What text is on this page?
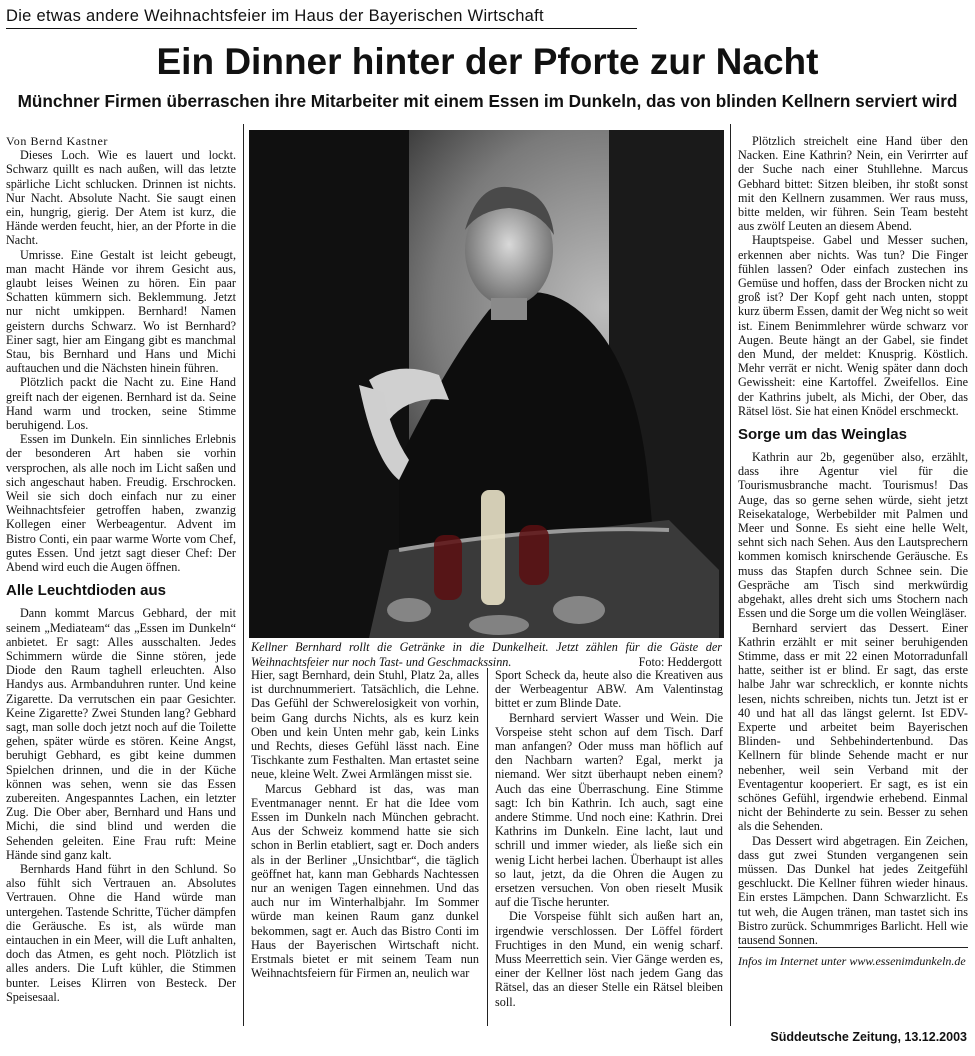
Die etwas andere Weihnachtsfeier im Haus der Bayerischen Wirtschaft
Ein Dinner hinter der Pforte zur Nacht
Münchner Firmen überraschen ihre Mitarbeiter mit einem Essen im Dunkeln, das von blinden Kellnern serviert wird

Von Bernd Kastner

Dieses Loch. Wie es lauert und lockt. Schwarz quillt es nach außen, will das letzte spärliche Licht schlucken. Drinnen ist nichts. Nur Nacht. Absolute Nacht. Sie saugt einen ein, hungrig, gierig. Der Atem ist kurz, die Hände werden feucht, hier, an der Pforte in die Nacht.

Umrisse. Eine Gestalt ist leicht gebeugt, man macht Hände vor ihrem Gesicht aus, glaubt leises Weinen zu hören. Ein paar Schatten kümmern sich. Beklemmung. Jetzt nur nicht umkippen. Bernhard! Namen geistern durchs Schwarz. Wo ist Bernhard? Einer sagt, hier am Eingang gibt es manchmal Stau, bis Bernhard und Hans und Michi auftauchen und die Nächsten hinein führen.

Plötzlich packt die Nacht zu. Eine Hand greift nach der eigenen. Bernhard ist da. Seine Hand warm und trocken, seine Stimme beruhigend. Los.

Essen im Dunkeln. Ein sinnliches Erlebnis der besonderen Art haben sie vorhin versprochen, als alle noch im Licht saßen und sich angeschaut haben. Freudig. Erschrocken. Weil sie sich doch einfach nur zu einer Weihnachtsfeier getroffen haben, zwanzig Kollegen einer Werbeagentur. Advent im Bistro Conti, ein paar warme Worte vom Chef, gutes Essen. Und jetzt sagt dieser Chef: Der Abend wird euch die Augen öffnen.

Alle Leuchtdioden aus

Dann kommt Marcus Gebhard, der mit seinem „Mediateam“ das „Essen im Dunkeln“ anbietet. Er sagt: Alles ausschalten. Jedes Schimmern würde die Sinne stören, jede Diode den Raum taghell erleuchten. Also Handys aus. Armbanduhren runter. Und keine Zigarette. Da verrutschen ein paar Gesichter. Keine Zigarette? Zwei Stunden lang? Gebhard sagt, man solle doch jetzt noch auf die Toilette gehen, später würde es stören. Keine Angst, beruhigt Gebhard, es gibt keine dummen Spielchen drinnen, und die in der Küche können was sehen, wenn sie das Essen zubereiten. Angespanntes Lachen, ein letzter Zug. Die Ober aber, Bernhard und Hans und Michi, die sind blind und werden die Sehenden geleiten. Eine Frau ruft: Meine Hände sind ganz kalt.

Bernhards Hand führt in den Schlund. So also fühlt sich Vertrauen an. Absolutes Vertrauen. Ohne die Hand würde man untergehen. Tastende Schritte, Tücher dämpfen die Geräusche. Es ist, als würde man eintauchen in ein Meer, will die Luft anhalten, doch das Atmen, es geht noch. Plötzlich ist alles anders. Die Luft kühler, die Stimmen bunter. Leises Klirren von Besteck. Der Speisesaal.

Kellner Bernhard rollt die Getränke in die Dunkelheit. Jetzt zählen für die Gäste der Weihnachtsfeier nur noch Tast- und Geschmackssinn.	Foto: Heddergott

Hier, sagt Bernhard, dein Stuhl, Platz 2a, alles ist durchnummeriert. Tatsächlich, die Lehne. Das Gefühl der Schwerelosigkeit von vorhin, beim Gang durchs Nichts, als es kurz kein Oben und kein Unten mehr gab, kein Links und Rechts, dieses Gefühl lässt nach. Eine Tischkante zum Festhalten. Man ertastet seine neue, kleine Welt. Zwei Armlängen misst sie.

Marcus Gebhard ist das, was man Eventmanager nennt. Er hat die Idee vom Essen im Dunkeln nach München gebracht. Aus der Schweiz kommend hatte sie sich schon in Berlin etabliert, sagt er. Doch anders als in der Berliner „Unsichtbar“, die täglich geöffnet hat, kann man Gebhards Nachtessen nur an wenigen Tagen einnehmen. Und das auch nur im Winterhalbjahr. Im Sommer würde man keinen Raum ganz dunkel bekommen, sagt er. Auch das Bistro Conti im Haus der Bayerischen Wirtschaft nicht. Erstmals bietet er mit seinem Team nun Weihnachtsfeiern für Firmen an, neulich war

Sport Scheck da, heute also die Kreativen aus der Werbeagentur ABW. Am Valentinstag bittet er zum Blinde Date.

Bernhard serviert Wasser und Wein. Die Vorspeise steht schon auf dem Tisch. Darf man anfangen? Oder muss man höflich auf den Nachbarn warten? Egal, merkt ja niemand. Wer sitzt überhaupt neben einem? Auch das eine Überraschung. Eine Stimme sagt: Ich bin Kathrin. Ich auch, sagt eine andere Stimme. Und noch eine: Kathrin. Drei Kathrins im Dunkeln. Eine lacht, laut und schrill und immer wieder, als ließe sich ein wenig Licht herbei lachen. Überhaupt ist alles so laut, jetzt, da die Ohren die Augen zu ersetzen versuchen. Von oben rieselt Musik auf die Tische herunter.

Die Vorspeise fühlt sich außen hart an, irgendwie verschlossen. Der Löffel fördert Fruchtiges in den Mund, ein wenig scharf. Muss Meerrettich sein. Vier Gänge werden es, einer der Kellner löst nach jedem Gang das Rätsel, das an dieser Stelle ein Rätsel bleiben soll.

Plötzlich streichelt eine Hand über den Nacken. Eine Kathrin? Nein, ein Verirrter auf der Suche nach einer Stuhllehne. Marcus Gebhard bittet: Sitzen bleiben, ihr stoßt sonst mit den Kellnern zusammen. Wer raus muss, bitte melden, wir führen. Sein Team besteht aus zwölf Leuten an diesem Abend.

Hauptspeise. Gabel und Messer suchen, erkennen aber nichts. Was tun? Die Finger fühlen lassen? Oder einfach zustechen ins Gemüse und hoffen, dass der Brocken nicht zu groß ist? Der Kopf geht nach unten, stoppt kurz überm Essen, damit der Weg nicht so weit ist. Einem Benimmlehrer würde schwarz vor Augen. Beute hängt an der Gabel, sie findet den Mund, der meldet: Knusprig. Köstlich. Mehr verrät er nicht. Wenig später dann doch Gewissheit: eine Kartoffel. Zweifellos. Eine der Kathrins jubelt, als Michi, der Ober, das Rätsel löst. Sie hat einen Knödel erschmeckt.

Sorge um das Weinglas

Kathrin aur 2b, gegenüber also, erzählt, dass ihre Agentur viel für die Tourismusbranche macht. Tourismus! Das Auge, das so gerne sehen würde, sieht jetzt Reisekataloge, Werbebilder mit Palmen und Meer und Sonne. Es sieht eine helle Welt, sehnt sich nach Sehen. Aus den Lautsprechern kommen komisch knirschende Geräusche. Es muss das Stapfen durch Schnee sein. Die Gespräche am Tisch sind merkwürdig abgehakt, alles dreht sich ums Stochern nach Essen und die Sorge um die vollen Weingläser.

Bernhard serviert das Dessert. Einer Kathrin erzählt er mit seiner beruhigenden Stimme, dass er mit 22 einen Motorradunfall hatte, seither ist er blind. Er sagt, das erste halbe Jahr war schrecklich, er konnte nichts lesen, nichts schreiben, nichts tun. Jetzt ist er 40 und hat all das längst gelernt. Ist EDV-Experte und arbeitet beim Bayerischen Blinden- und Sehbehindertenbund. Das Kellnern für blinde Sehende macht er nur nebenher, weil sein Verband mit der Eventagentur kooperiert. Er sagt, es ist ein schönes Gefühl, irgendwie erhebend. Einmal nicht der Behinderte zu sein. Besser zu sehen als die Sehenden.

Das Dessert wird abgetragen. Ein Zeichen, dass gut zwei Stunden vergangenen sein müssen. Das Dunkel hat jedes Zeitgefühl geschluckt. Die Kellner führen wieder hinaus. Ein erstes Lämpchen. Dann Schwarzlicht. Es tut weh, die Augen tränen, man tastet sich ins Bistro zurück. Schummriges Barlicht. Hell wie tausend Sonnen.

Infos im Internet unter www.essenimdunkeln.de

Süddeutsche Zeitung, 13.12.2003
